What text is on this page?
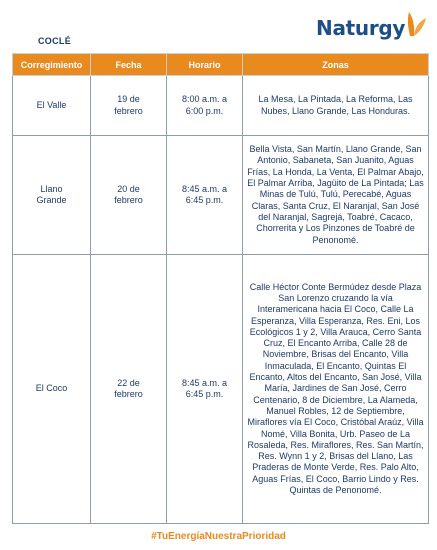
Naturgy
COCLÉ
Corregimiento	Fecha	Horario	Zonas
El Valle	19 de febrero	8:00 a.m. a 6:00 p.m.	La Mesa, La Pintada, La Reforma, Las Nubes, Llano Grande, Las Honduras.
Llano Grande	20 de febrero	8:45 a.m. a 6:45 p.m.	Bella Vista, San Martín, Llano Grande, San Antonio, Sabaneta, San Juanito, Aguas Frías, La Honda, La Venta, El Palmar Abajo, El Palmar Arriba, Jagüito de La Pintada; Las Minas de Tulú, Tulú, Perecabé, Aguas Claras, Santa Cruz, El Naranjal, San José del Naranjal, Sagrejá, Toabré, Cacaco, Chorrerita y Los Pinzones de Toabré de Penonomé.
El Coco	22 de febrero	8:45 a.m. a 6:45 p.m.	Calle Héctor Conte Bermúdez desde Plaza San Lorenzo cruzando la vía Interamericana hacia El Coco, Calle La Esperanza, Villa Esperanza, Res. Eni, Los Ecológicos 1 y 2, Villa Arauca, Cerro Santa Cruz, El Encanto Arriba, Calle 28 de Noviembre, Brisas del Encanto, Villa Inmaculada, El Encanto, Quintas El Encanto, Altos del Encanto, San José, Villa María, Jardines de San José, Cerro Centenario, 8 de Diciembre, La Alameda, Manuel Robles, 12 de Septiembre, Miraflores vía El Coco, Cristóbal Araúz, Villa Nomé, Villa Bonita, Urb. Paseo de La Rosaleda, Res. Miraflores, Res. San Martín, Res. Wynn 1 y 2, Brisas del Llano, Las Praderas de Monte Verde, Res. Palo Alto, Aguas Frías, El Coco, Barrio Lindo y Res. Quintas de Penonomé.
#TuEnergíaNuestraPrioridad
